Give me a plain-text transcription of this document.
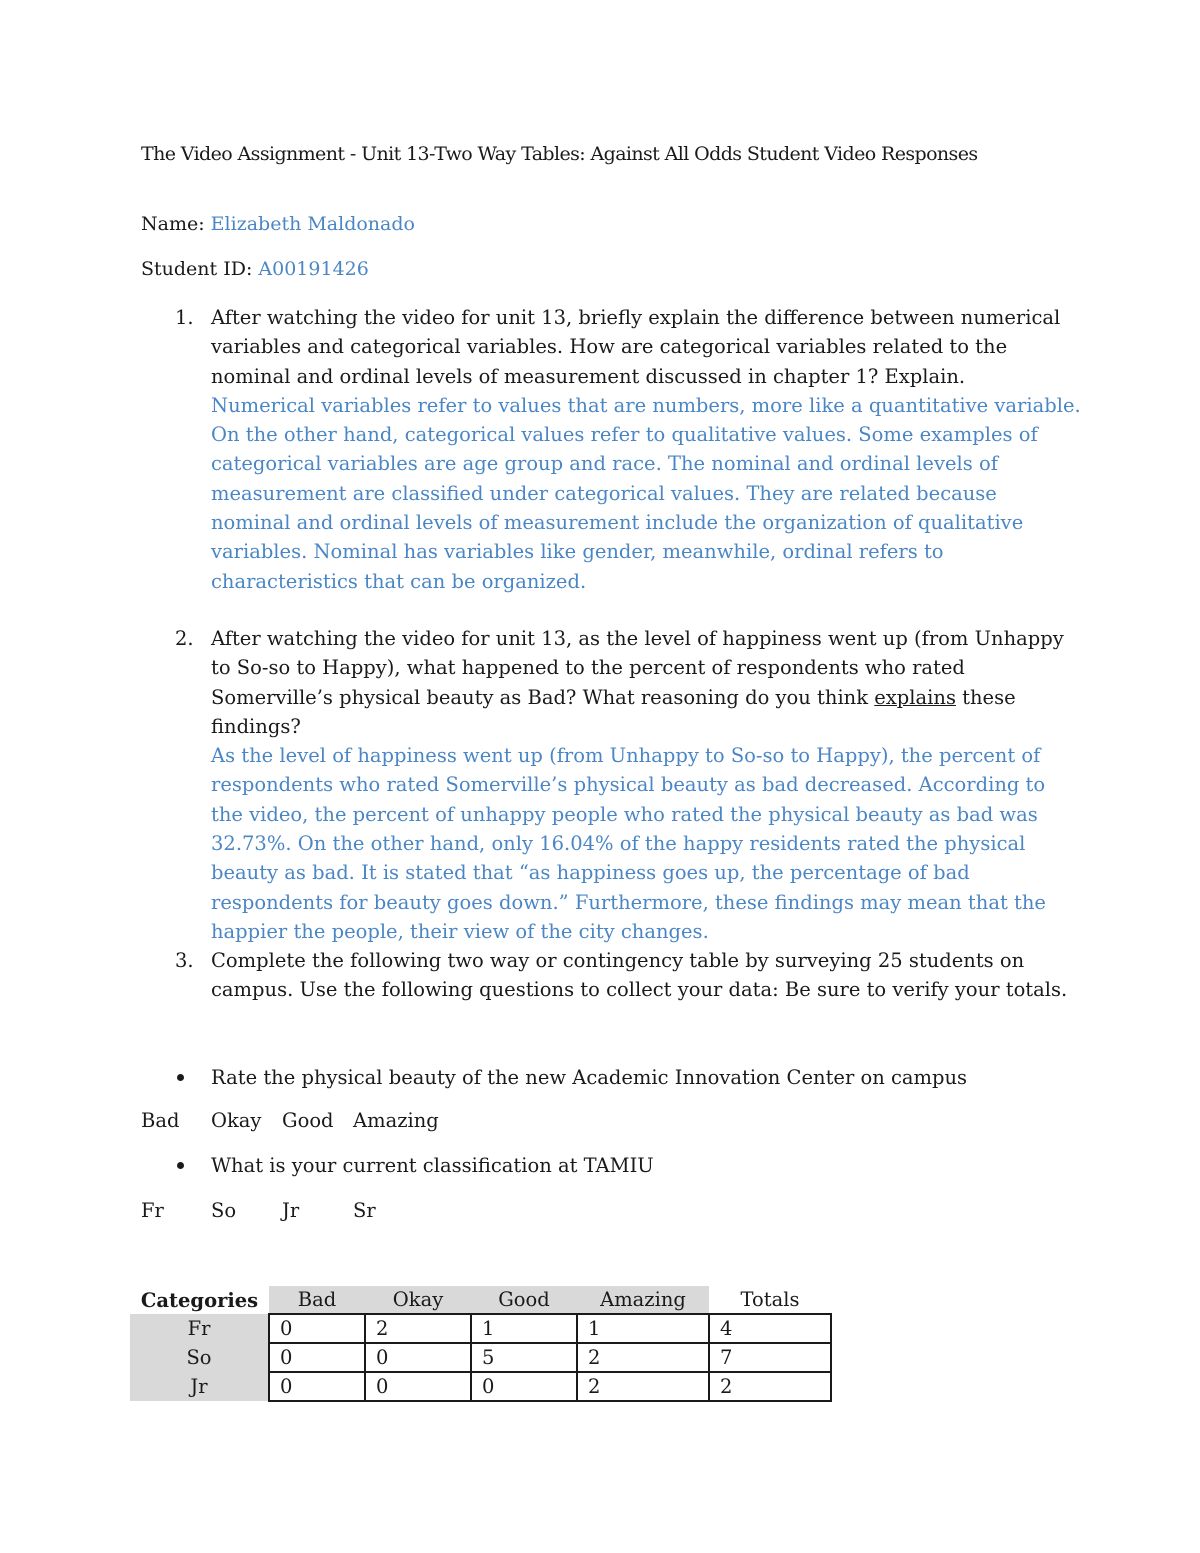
The Video Assignment - Unit 13-Two Way Tables: Against All Odds Student Video Responses
Name: Elizabeth Maldonado
Student ID: A00191426
1. After watching the video for unit 13, briefly explain the difference between numerical variables and categorical variables. How are categorical variables related to the nominal and ordinal levels of measurement discussed in chapter 1? Explain.

Numerical variables refer to values that are numbers, more like a quantitative variable. On the other hand, categorical values refer to qualitative values. Some examples of categorical variables are age group and race. The nominal and ordinal levels of measurement are classified under categorical values. They are related because nominal and ordinal levels of measurement include the organization of qualitative variables. Nominal has variables like gender, meanwhile, ordinal refers to characteristics that can be organized.

2. After watching the video for unit 13, as the level of happiness went up (from Unhappy to So-so to Happy), what happened to the percent of respondents who rated Somerville’s physical beauty as Bad? What reasoning do you think explains these findings?

As the level of happiness went up (from Unhappy to So-so to Happy), the percent of respondents who rated Somerville’s physical beauty as bad decreased. According to the video, the percent of unhappy people who rated the physical beauty as bad was 32.73%. On the other hand, only 16.04% of the happy residents rated the physical beauty as bad. It is stated that “as happiness goes up, the percentage of bad respondents for beauty goes down.” Furthermore, these findings may mean that the happier the people, their view of the city changes.

3. Complete the following two way or contingency table by surveying 25 students on campus. Use the following questions to collect your data: Be sure to verify your totals.

Rate the physical beauty of the new Academic Innovation Center on campus
Bad Okay Good Amazing
What is your current classification at TAMIU
Fr So Jr	Sr
Categories	Bad	Okay	Good	Amazing	Totals
Fr	0	2	1	1	4
So	0	0	5	2	7
Jr	0	0	0	2	2
